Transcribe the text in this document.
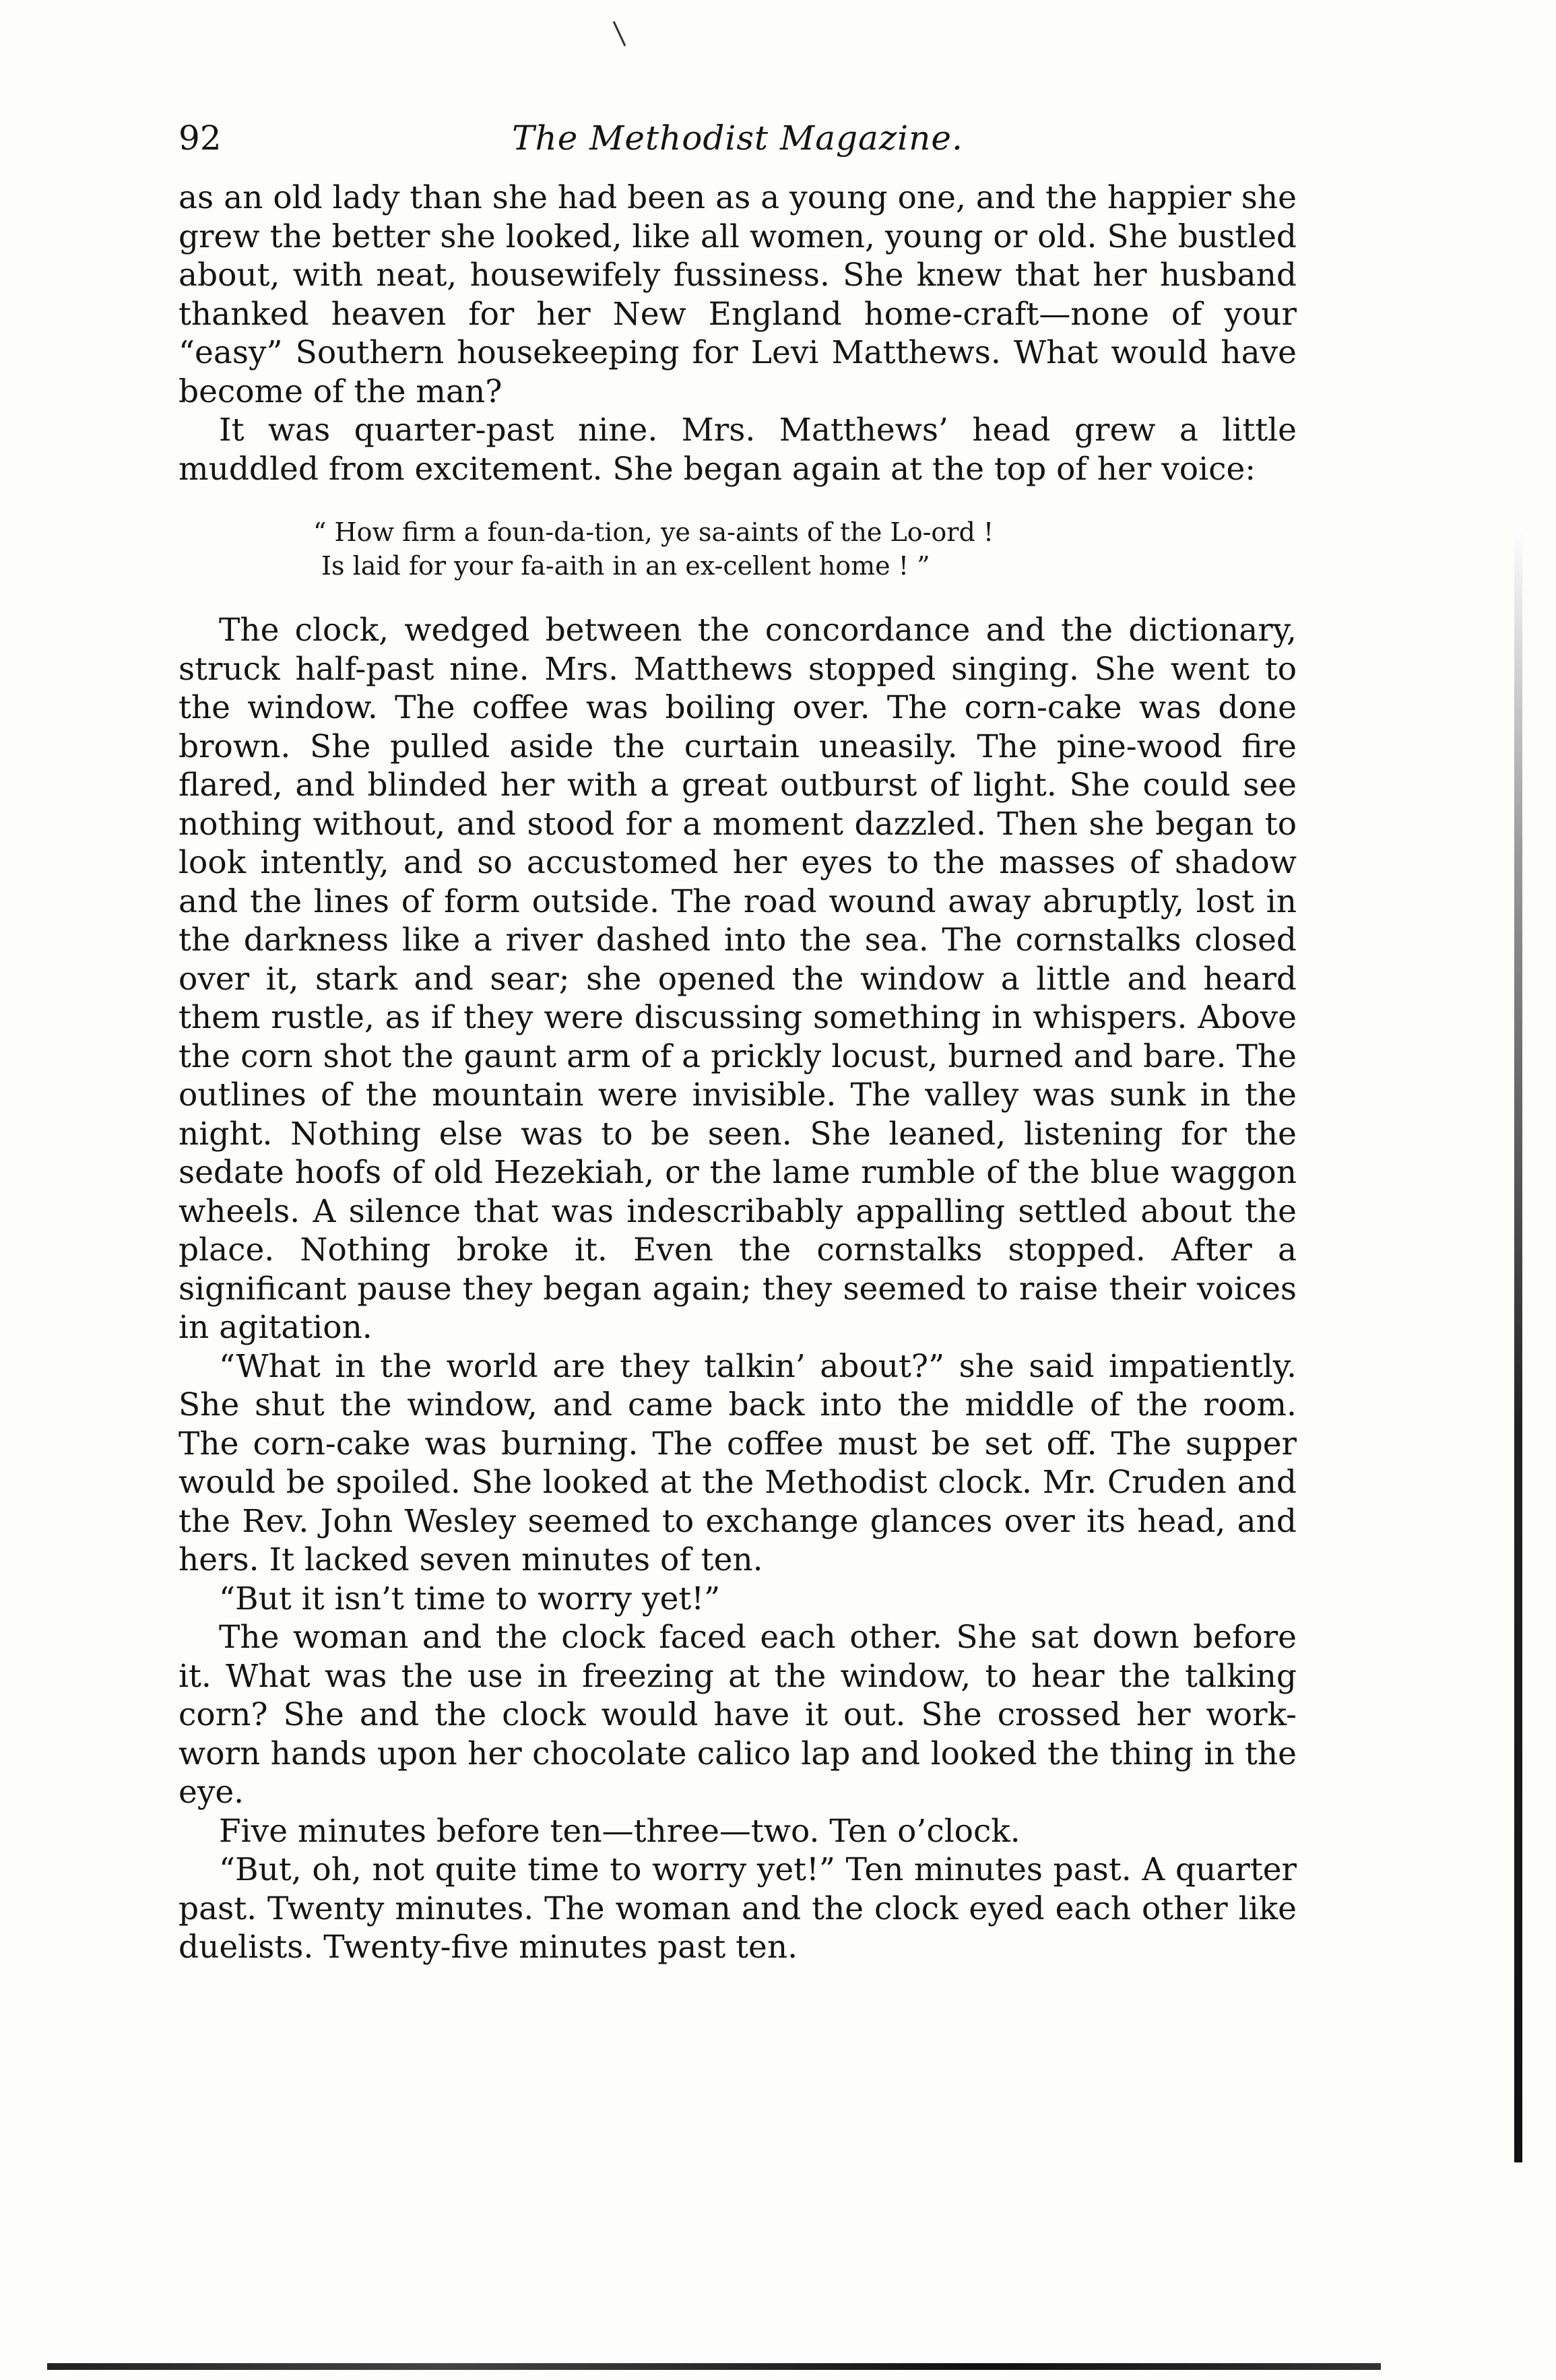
92	The Methodist Magazine.

as an old lady than she had been as a young one, and the happier she grew the better she looked, like all women, young or old. She bustled about, with neat, housewifely fussiness. She knew that her husband thanked heaven for her New England home-craft—none of your “easy” Southern housekeeping for Levi Matthews. What would have become of the man?

It was quarter-past nine. Mrs. Matthews’ head grew a little muddled from excitement. She began again at the top of her voice:

“ How firm a foun-da-tion, ye sa-aints of the Lo-ord !
Is laid for your fa-aith in an ex-cellent home ! ”

The clock, wedged between the concordance and the dictionary, struck half-past nine. Mrs. Matthews stopped singing. She went to the window. The coffee was boiling over. The corn-cake was done brown. She pulled aside the curtain uneasily. The pine-wood fire flared, and blinded her with a great outburst of light. She could see nothing without, and stood for a moment dazzled. Then she began to look intently, and so accustomed her eyes to the masses of shadow and the lines of form outside. The road wound away abruptly, lost in the darkness like a river dashed into the sea. The cornstalks closed over it, stark and sear; she opened the window a little and heard them rustle, as if they were discussing something in whispers. Above the corn shot the gaunt arm of a prickly locust, burned and bare. The outlines of the mountain were invisible. The valley was sunk in the night. Nothing else was to be seen. She leaned, listening for the sedate hoofs of old Hezekiah, or the lame rumble of the blue waggon wheels. A silence that was indescribably appalling settled about the place. Nothing broke it. Even the cornstalks stopped. After a significant pause they began again; they seemed to raise their voices in agitation.

“What in the world are they talkin’ about?” she said impatiently. She shut the window, and came back into the middle of the room. The corn-cake was burning. The coffee must be set off. The supper would be spoiled. She looked at the Methodist clock. Mr. Cruden and the Rev. John Wesley seemed to exchange glances over its head, and hers. It lacked seven minutes of ten.

“But it isn’t time to worry yet!”

The woman and the clock faced each other. She sat down before it. What was the use in freezing at the window, to hear the talking corn? She and the clock would have it out. She crossed her work-worn hands upon her chocolate calico lap and looked the thing in the eye.

Five minutes before ten—three—two. Ten o’clock.

“But, oh, not quite time to worry yet!” Ten minutes past. A quarter past. Twenty minutes. The woman and the clock eyed each other like duelists. Twenty-five minutes past ten.
